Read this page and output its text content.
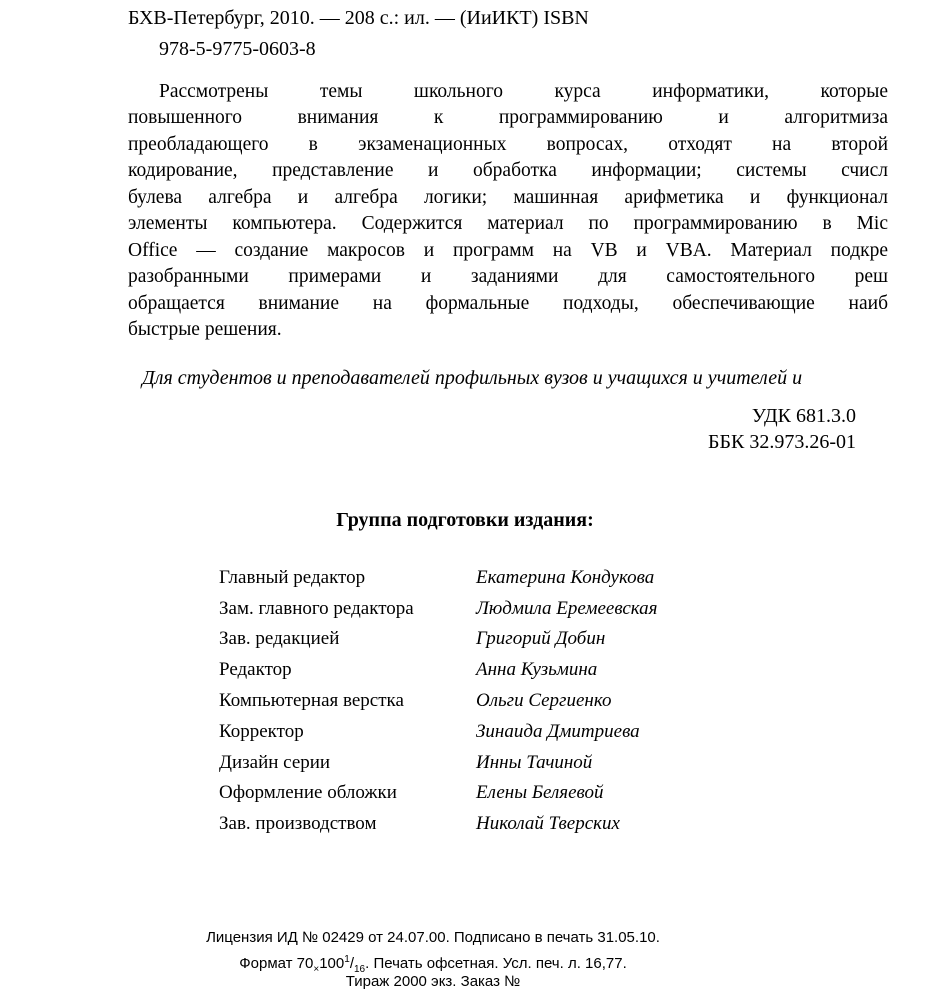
БХВ-Петербург, 2010. — 208 с.: ил. — (ИиИКТ) ISBN
978-5-9775-0603-8
Рассмотрены темы школьного курса информатики, которые
повышенного внимания к программированию и алгоритмиза
преобладающего в экзаменационных вопросах, отходят на второй
кодирование, представление и обработка информации; системы счисл
булева алгебра и алгебра логики; машинная арифметика и функционал
элементы компьютера. Содержится материал по программированию в Mic
Office — создание макросов и программ на VB и VBA. Материал подкре
разобранными примерами и заданиями для самостоятельного реш
обращается внимание на формальные подходы, обеспечивающие наиб
быстрые решения.
Для студентов и преподавателей профильных вузов и учащихся и учителей и
УДК 681.3.0
ББК 32.973.26-01
Группа подготовки издания:
Главный редактор	Екатерина Кондукова
Зам. главного редактора	Людмила Еремеевская
Зав. редакцией	Григорий Добин
Редактор	Анна Кузьмина
Компьютерная верстка	Ольги Сергиенко
Корректор	Зинаида Дмитриева
Дизайн серии	Инны Тачиной
Оформление обложки	Елены Беляевой
Зав. производством	Николай Тверских
Лицензия ИД № 02429 от 24.07.00. Подписано в печать 31.05.10.
Формат $70_\times 100^1/_{16}$. Печать офсетная. Усл. печ. л. 16,77.
Тираж 2000 экз. Заказ №
